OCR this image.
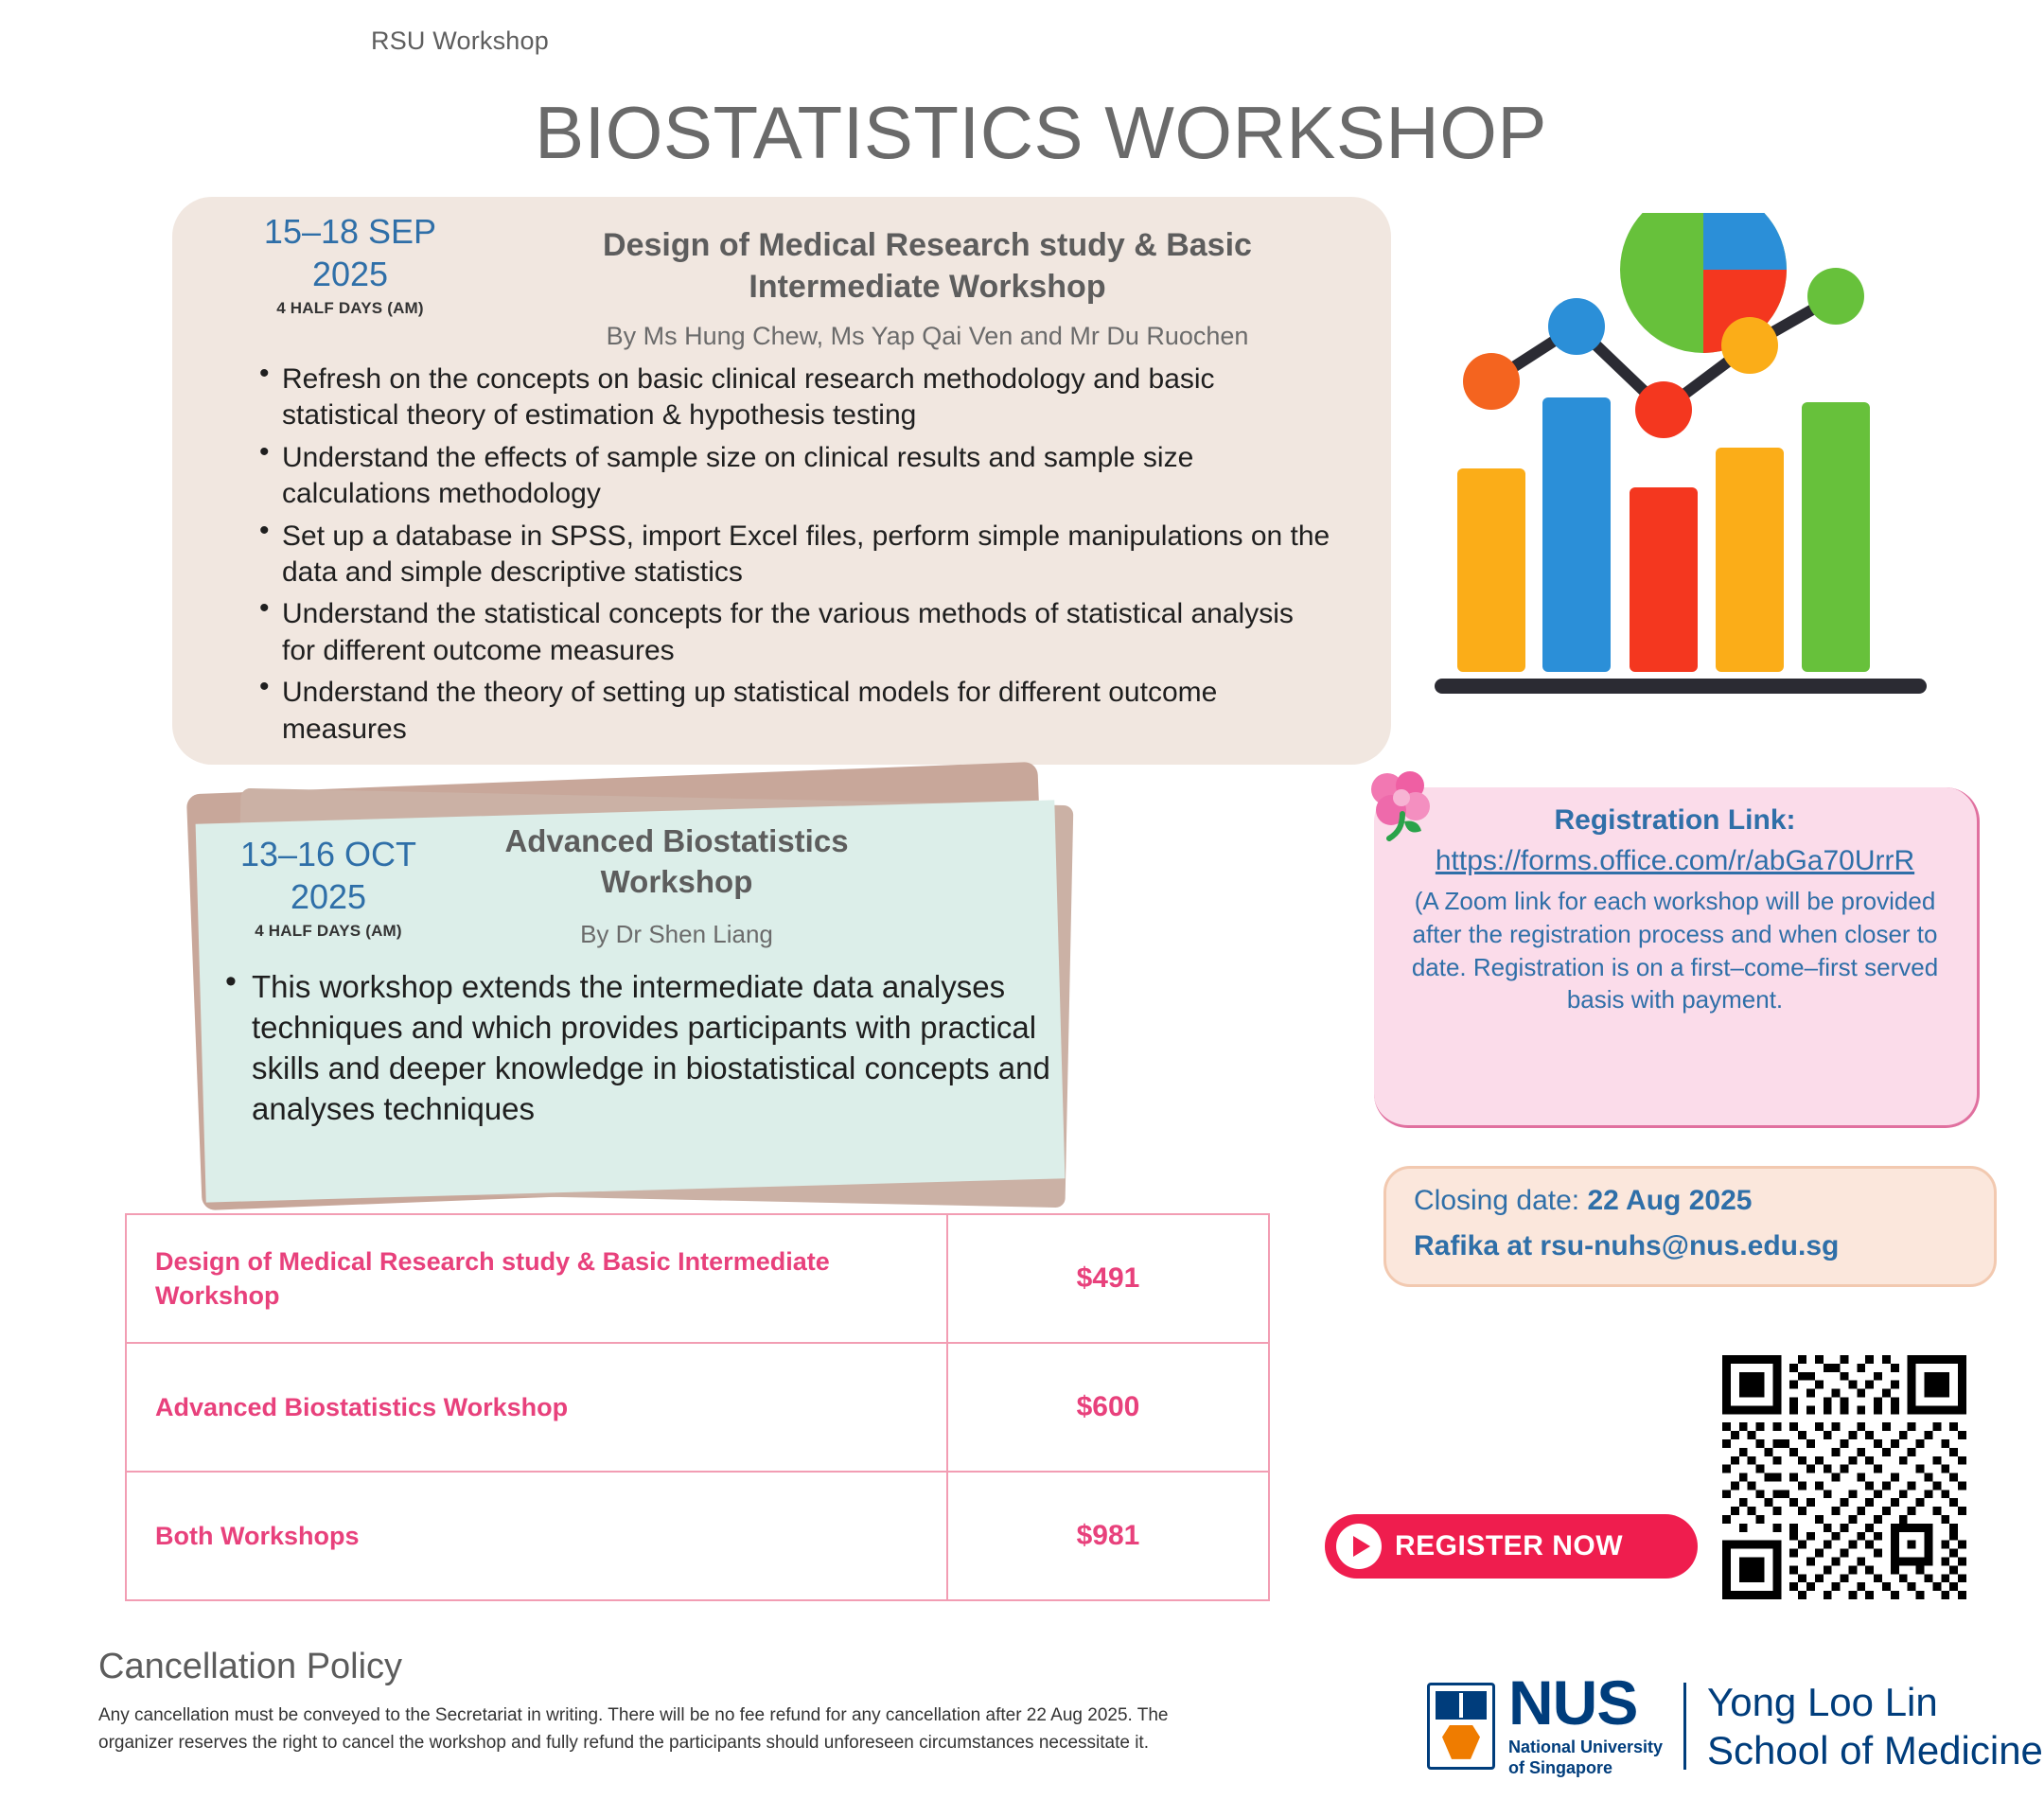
RSU Workshop
BIOSTATISTICS WORKSHOP
15–18 SEP
2025
4 HALF DAYS (AM)
Design of Medical Research study & Basic Intermediate Workshop
By Ms Hung Chew, Ms Yap Qai Ven and Mr Du Ruochen
• Refresh on the concepts on basic clinical research methodology and basic statistical theory of estimation & hypothesis testing
• Understand the effects of sample size on clinical results and sample size calculations methodology
• Set up a database in SPSS, import Excel files, perform simple manipulations on the data and simple descriptive statistics
• Understand the statistical concepts for the various methods of statistical analysis for different outcome measures
• Understand the theory of setting up statistical models for different outcome measures
13–16 OCT
2025
4 HALF DAYS (AM)
Advanced Biostatistics Workshop
By Dr Shen Liang
• This workshop extends the intermediate data analyses techniques and which provides participants with practical skills and deeper knowledge in biostatistical concepts and analyses techniques
Design of Medical Research study & Basic Intermediate Workshop	$491
Advanced Biostatistics Workshop	$600
Both Workshops	$981
Cancellation Policy
Any cancellation must be conveyed to the Secretariat in writing. There will be no fee refund for any cancellation after 22 Aug 2025. The organizer reserves the right to cancel the workshop and fully refund the participants should unforeseen circumstances necessitate it.
Registration Link:
https://forms.office.com/r/abGa70UrrR
(A Zoom link for each workshop will be provided after the registration process and when closer to date. Registration is on a first–come–first served basis with payment.
Closing date: 22 Aug 2025
Rafika at rsu-nuhs@nus.edu.sg
REGISTER NOW
NUS
National University
of Singapore
Yong Loo Lin
School of Medicine
